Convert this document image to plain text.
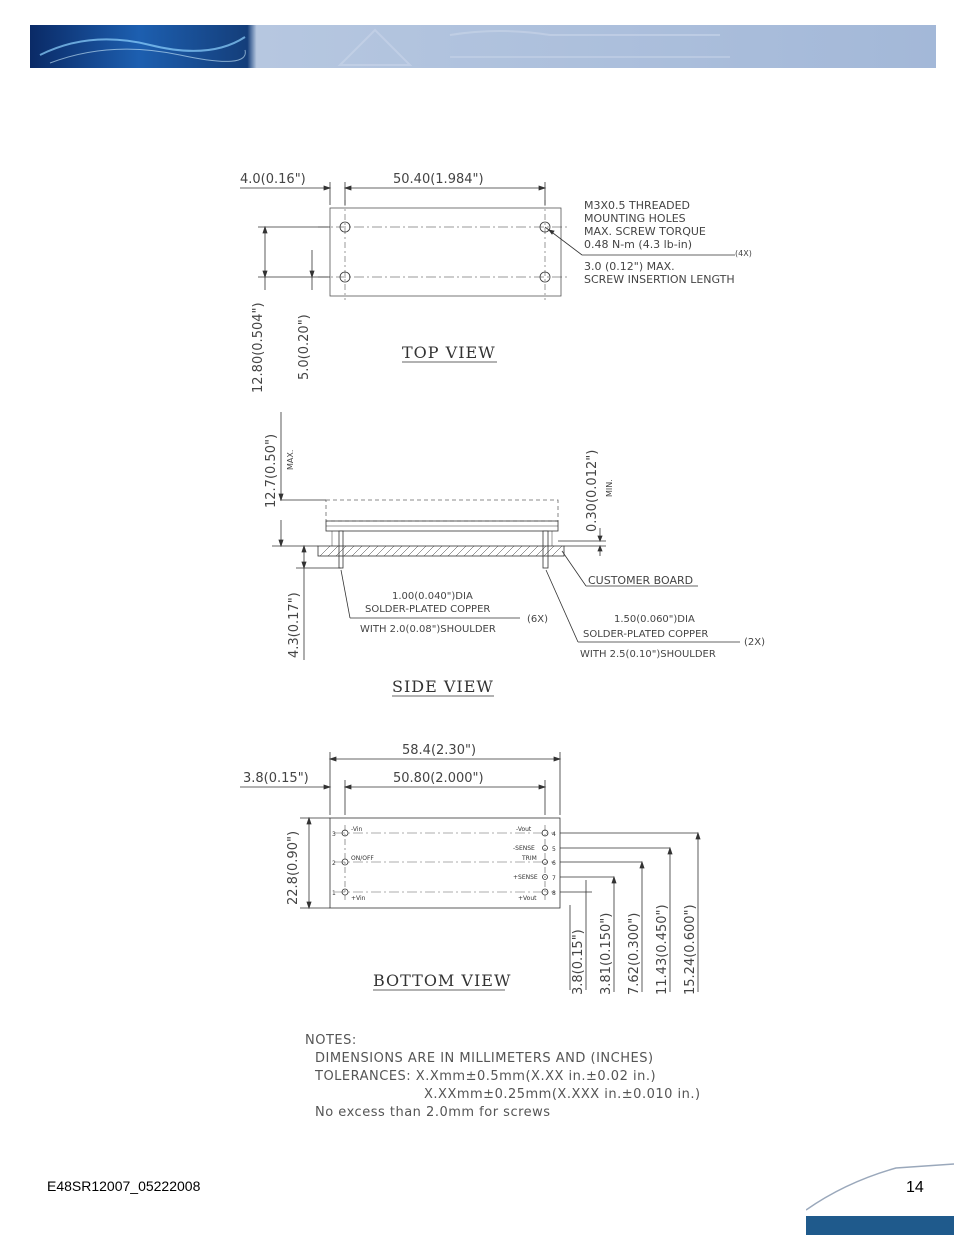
4.0(0.16")	50.40(1.984")
12.80(0.504") 5.0(0.20")	TOP VIEW
M3X0.5 THREADED
MOUNTING HOLES
MAX. SCREW TORQUE
0.48 N-m (4.3 lb-in)
(4X)
3.0 (0.12") MAX.
SCREW INSERTION LENGTH
12.7(0.50") MAX.	0.30(0.012") MIN.
4.3(0.17")
CUSTOMER BOARD
1.00(0.040")DIA
SOLDER-PLATED COPPER
WITH 2.0(0.08")SHOULDER
(6X)	1.50(0.060")DIA
SOLDER-PLATED COPPER
WITH 2.5(0.10")SHOULDER
(2X)
SIDE VIEW
58.4(2.30")
3.8(0.15")	50.80(2.000")
22.8(0.90")	3
-Vin
2
ON/OFF
1
+Vin
-Vout
4
-SENSE	5
TRIM
6
+SENSE 7
+Vout
8
3.8(0.15") 3.81(0.150") 7.62(0.300") 11.43(0.450") 15.24(0.600")
BOTTOM VIEW
NOTES:
DIMENSIONS ARE IN MILLIMETERS AND (INCHES)
TOLERANCES: X.Xmm±0.5mm(X.XX in.±0.02 in.)
X.XXmm±0.25mm(X.XXX in.±0.010 in.)
No excess than 2.0mm for screws
E48SR12007_05222008	14
